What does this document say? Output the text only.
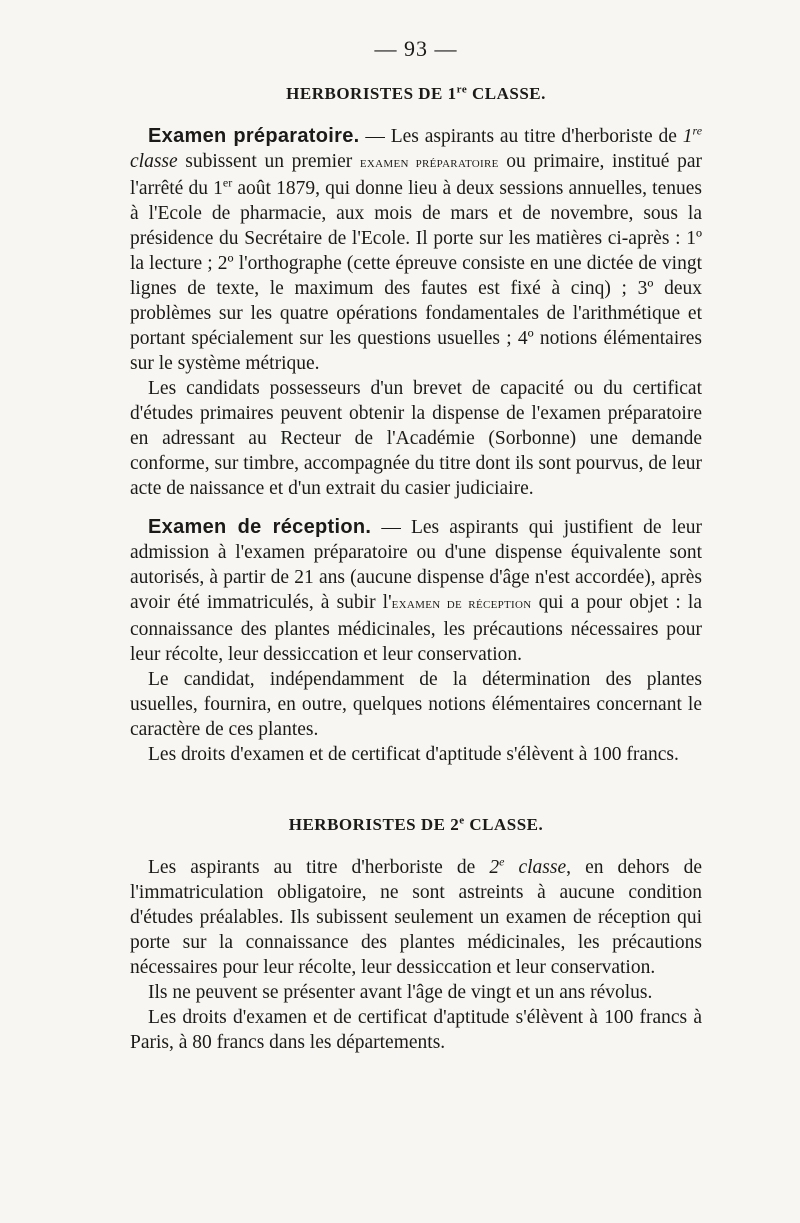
— 93 —
HERBORISTES DE 1re CLASSE.

Examen préparatoire. — Les aspirants au titre d'herboriste de 1re classe subissent un premier examen préparatoire ou primaire, institué par l'arrêté du 1er août 1879, qui donne lieu à deux sessions annuelles, tenues à l'Ecole de pharmacie, aux mois de mars et de novembre, sous la présidence du Secrétaire de l'Ecole. Il porte sur les matières ci-après : 1º la lecture ; 2º l'orthographe (cette épreuve consiste en une dictée de vingt lignes de texte, le maximum des fautes est fixé à cinq) ; 3º deux problèmes sur les quatre opérations fondamentales de l'arithmétique et portant spécialement sur les questions usuelles ; 4º notions élémentaires sur le système métrique.

Les candidats possesseurs d'un brevet de capacité ou du certificat d'études primaires peuvent obtenir la dispense de l'examen préparatoire en adressant au Recteur de l'Académie (Sorbonne) une demande conforme, sur timbre, accompagnée du titre dont ils sont pourvus, de leur acte de naissance et d'un extrait du casier judiciaire.

Examen de réception. — Les aspirants qui justifient de leur admission à l'examen préparatoire ou d'une dispense équivalente sont autorisés, à partir de 21 ans (aucune dispense d'âge n'est accordée), après avoir été immatriculés, à subir l'examen de réception qui a pour objet : la connaissance des plantes médicinales, les précautions nécessaires pour leur récolte, leur dessiccation et leur conservation.

Le candidat, indépendamment de la détermination des plantes usuelles, fournira, en outre, quelques notions élémentaires concernant le caractère de ces plantes.

Les droits d'examen et de certificat d'aptitude s'élèvent à 100 francs.

HERBORISTES DE 2e CLASSE.

Les aspirants au titre d'herboriste de 2e classe, en dehors de l'immatriculation obligatoire, ne sont astreints à aucune condition d'études préalables. Ils subissent seulement un examen de réception qui porte sur la connaissance des plantes médicinales, les précautions nécessaires pour leur récolte, leur dessiccation et leur conservation.

Ils ne peuvent se présenter avant l'âge de vingt et un ans révolus.

Les droits d'examen et de certificat d'aptitude s'élèvent à 100 francs à Paris, à 80 francs dans les départements.
